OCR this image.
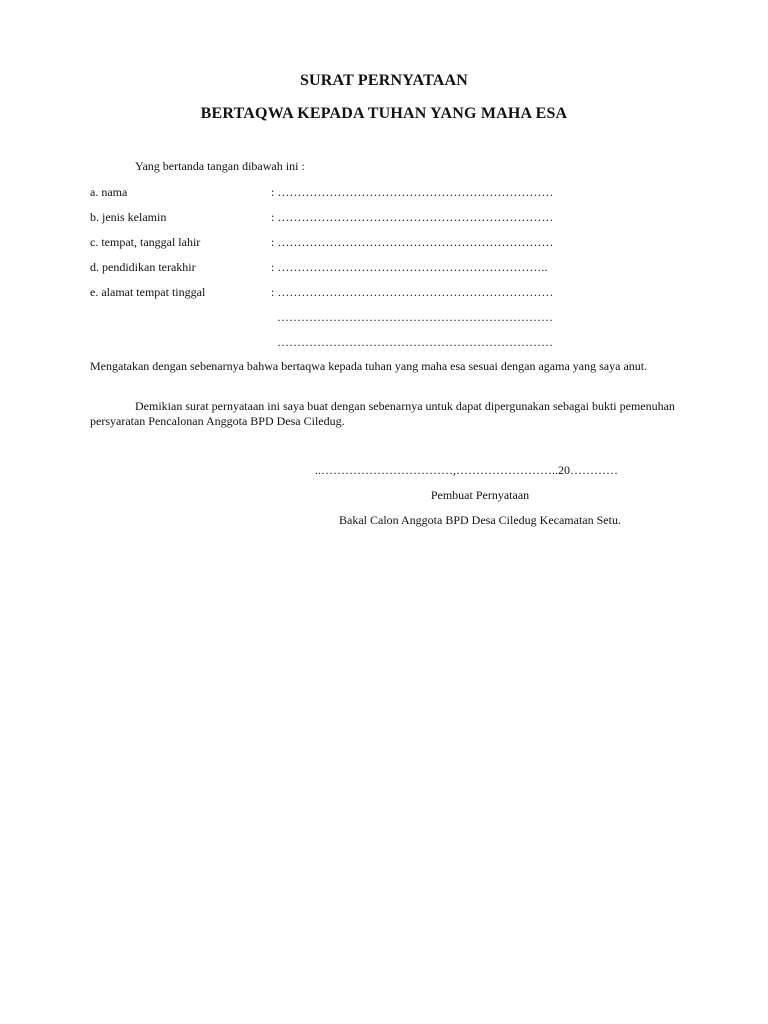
SURAT PERNYATAAN
BERTAQWA KEPADA TUHAN YANG MAHA ESA
Yang bertanda tangan dibawah ini :
a. nama	: ……………………………………………………………
b. jenis kelamin	: ……………………………………………………………
c. tempat, tanggal lahir	: ……………………………………………………………
d. pendidikan terakhir	: …………………………………………………………..
e. alamat tempat tinggal	: ……………………………………………………………
……………………………………………………………
……………………………………………………………
Mengatakan dengan sebenarnya bahwa bertaqwa kepada tuhan yang maha esa sesuai dengan agama yang saya anut.
Demikian surat pernyataan ini saya buat dengan sebenarnya untuk dapat dipergunakan sebagai bukti pemenuhan persyaratan Pencalonan Anggota BPD Desa Ciledug.
..……………………………,……………………..20…………
Pembuat Pernyataan
Bakal Calon Anggota BPD Desa Ciledug Kecamatan Setu.
